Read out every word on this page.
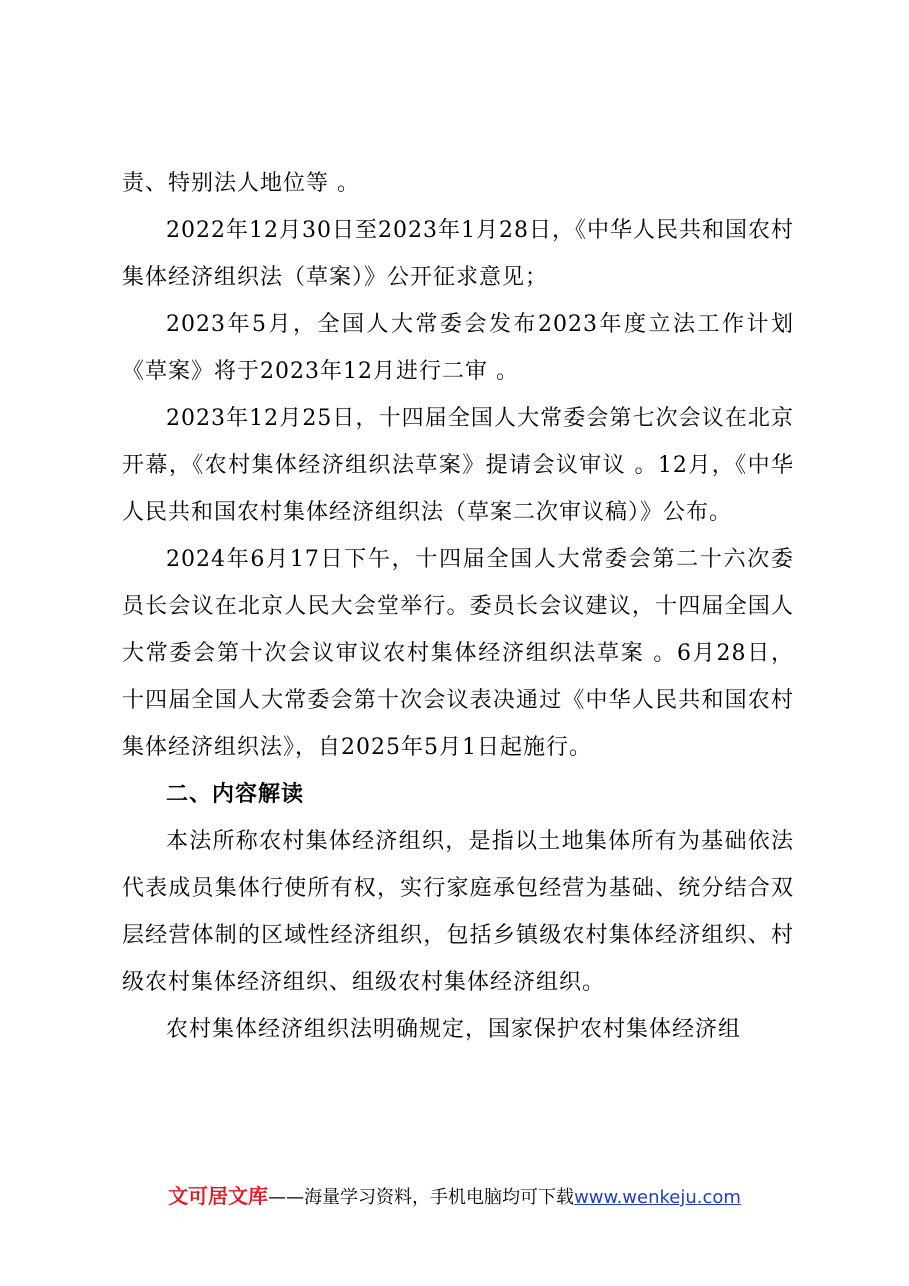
责、特别法人地位等 。

2022年12月30日至2023年1月28日，《中华人民共和国农村集体经济组织法（草案）》公开征求意见；

2023年5月，全国人大常委会发布2023年度立法工作计划《草案》将于2023年12月进行二审 。

2023年12月25日，十四届全国人大常委会第七次会议在北京开幕，《农村集体经济组织法草案》提请会议审议 。12月，《中华人民共和国农村集体经济组织法（草案二次审议稿）》公布。

2024年6月17日下午，十四届全国人大常委会第二十六次委员长会议在北京人民大会堂举行。委员长会议建议，十四届全国人大常委会第十次会议审议农村集体经济组织法草案 。6月28日，十四届全国人大常委会第十次会议表决通过《中华人民共和国农村集体经济组织法》，自2025年5月1日起施行。

二、内容解读

本法所称农村集体经济组织，是指以土地集体所有为基础依法代表成员集体行使所有权，实行家庭承包经营为基础、统分结合双层经营体制的区域性经济组织，包括乡镇级农村集体经济组织、村级农村集体经济组织、组级农村集体经济组织。

农村集体经济组织法明确规定，国家保护农村集体经济组

文可居文库——海量学习资料，手机电脑均可下载www.wenkeju.com
